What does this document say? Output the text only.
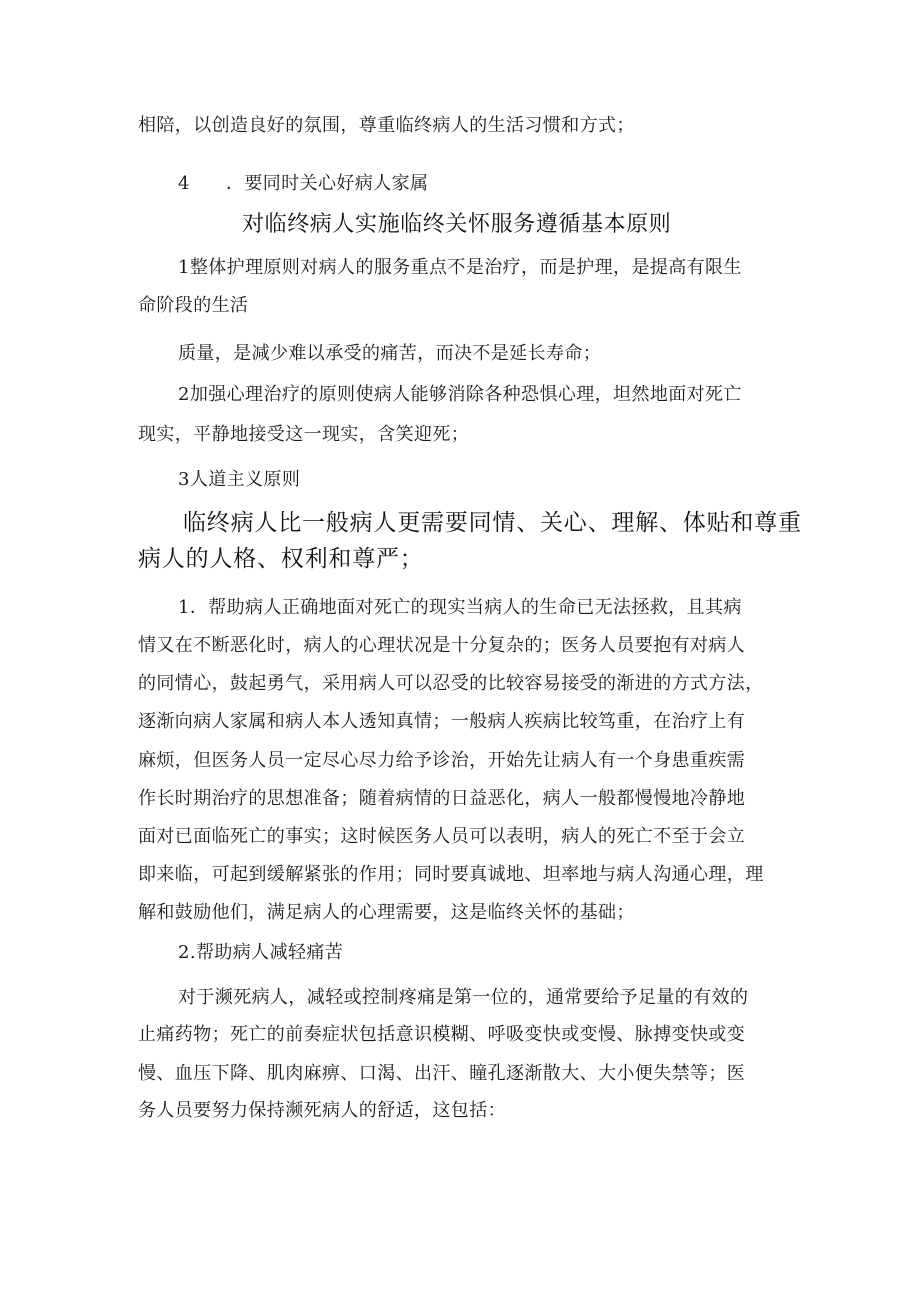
相陪，以创造良好的氛围，尊重临终病人的生活习惯和方式；
4 ．要同时关心好病人家属
对临终病人实施临终关怀服务遵循基本原则
1整体护理原则对病人的服务重点不是治疗，而是护理，是提高有限生
命阶段的生活
质量，是减少难以承受的痛苦，而决不是延长寿命；
2加强心理治疗的原则使病人能够消除各种恐惧心理，坦然地面对死亡
现实，平静地接受这一现实，含笑迎死；
3人道主义原则
临终病人比一般病人更需要同情、关心、理解、体贴和尊重
病人的人格、权利和尊严；
1．帮助病人正确地面对死亡的现实当病人的生命已无法拯救，且其病
情又在不断恶化时，病人的心理状况是十分复杂的；医务人员要抱有对病人
的同情心，鼓起勇气，采用病人可以忍受的比较容易接受的渐进的方式方法，
逐渐向病人家属和病人本人透知真情；一般病人疾病比较笃重，在治疗上有
麻烦，但医务人员一定尽心尽力给予诊治，开始先让病人有一个身患重疾需
作长时期治疗的思想准备；随着病情的日益恶化，病人一般都慢慢地冷静地
面对已面临死亡的事实；这时候医务人员可以表明，病人的死亡不至于会立
即来临，可起到缓解紧张的作用；同时要真诚地、坦率地与病人沟通心理，理
解和鼓励他们，满足病人的心理需要，这是临终关怀的基础；
2.帮助病人减轻痛苦
对于濒死病人，减轻或控制疼痛是第一位的，通常要给予足量的有效的
止痛药物；死亡的前奏症状包括意识模糊、呼吸变快或变慢、脉搏变快或变
慢、血压下降、肌肉麻痹、口渴、出汗、瞳孔逐渐散大、大小便失禁等；医
务人员要努力保持濒死病人的舒适，这包括：
